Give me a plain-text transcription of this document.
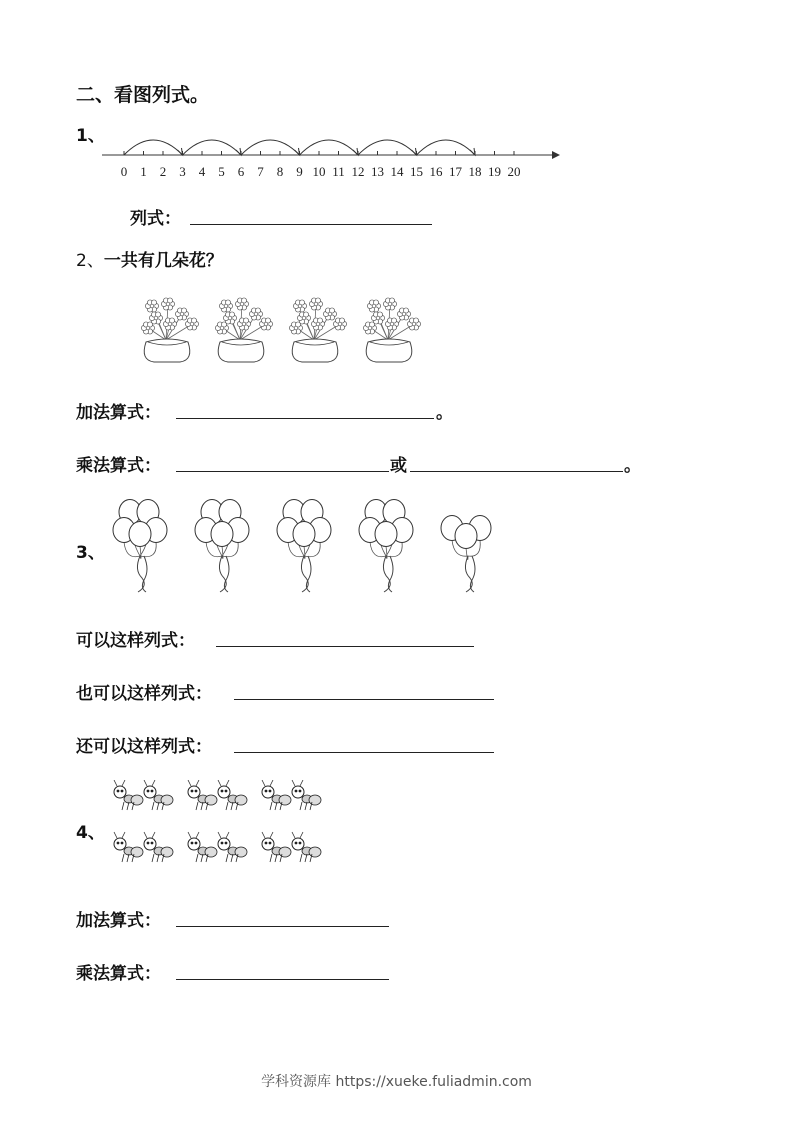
二、看图列式。
1、
0 1 2 3 4 5 6 7 8 9 10 11 12 13 14 15 16 17 18 19 20
列式：
2、一共有几朵花？
加法算式：	。
乘法算式：	或	。
3、
可以这样列式：
也可以这样列式：
还可以这样列式：
4、
加法算式：
乘法算式：
学科资源库 https://xueke.fuliadmin.com
